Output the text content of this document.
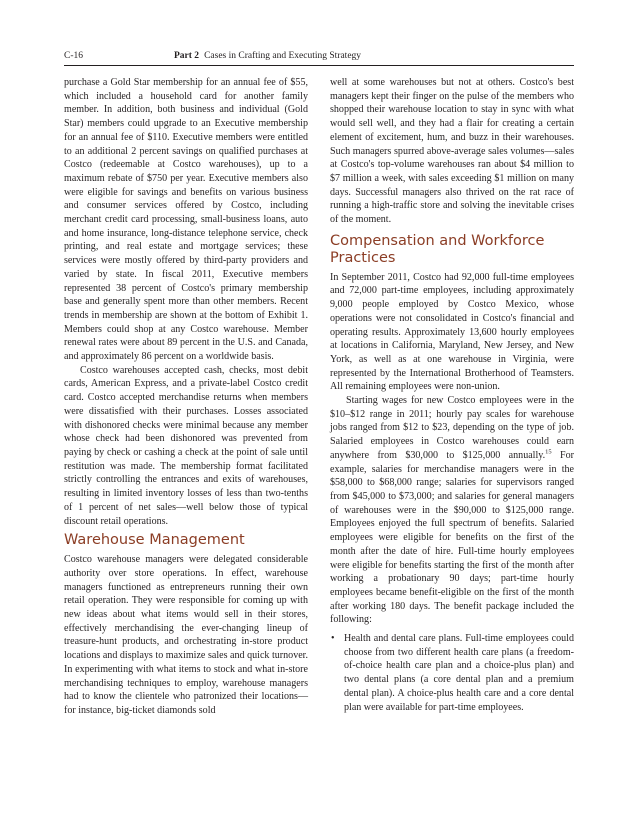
C-16	Part 2 Cases in Crafting and Executing Strategy

purchase a Gold Star membership for an annual fee of $55, which included a household card for another family member. In addition, both business and individual (Gold Star) members could upgrade to an Executive membership for an annual fee of $110. Executive members were entitled to an additional 2 percent savings on qualified purchases at Costco (redeemable at Costco warehouses), up to a maximum rebate of $750 per year. Executive members also were eligible for savings and benefits on various business and consumer services offered by Costco, including merchant credit card processing, small-business loans, auto and home insurance, long-distance telephone service, check printing, and real estate and mortgage services; these services were mostly offered by third-party providers and varied by state. In fiscal 2011, Executive members represented 38 percent of Costco's primary membership base and generally spent more than other members. Recent trends in membership are shown at the bottom of Exhibit 1. Members could shop at any Costco warehouse. Member renewal rates were about 89 percent in the U.S. and Canada, and approximately 86 percent on a worldwide basis.

Costco warehouses accepted cash, checks, most debit cards, American Express, and a private-label Costco credit card. Costco accepted merchandise returns when members were dissatisfied with their purchases. Losses associated with dishonored checks were minimal because any member whose check had been dishonored was prevented from paying by check or cashing a check at the point of sale until restitution was made. The membership format facilitated strictly controlling the entrances and exits of warehouses, resulting in limited inventory losses of less than two-tenths of 1 percent of net sales—well below those of typical discount retail operations.

Warehouse Management

Costco warehouse managers were delegated considerable authority over store operations. In effect, warehouse managers functioned as entrepreneurs running their own retail operation. They were responsible for coming up with new ideas about what items would sell in their stores, effectively merchandising the ever-changing lineup of treasure-hunt products, and orchestrating in-store product locations and displays to maximize sales and quick turnover. In experimenting with what items to stock and what in-store merchandising techniques to employ, warehouse managers had to know the clientele who patronized their locations—for instance, big-ticket diamonds sold

well at some warehouses but not at others. Costco's best managers kept their finger on the pulse of the members who shopped their warehouse location to stay in sync with what would sell well, and they had a flair for creating a certain element of excitement, hum, and buzz in their warehouses. Such managers spurred above-average sales volumes—sales at Costco's top-volume warehouses ran about $4 million to $7 million a week, with sales exceeding $1 million on many days. Successful managers also thrived on the rat race of running a high-traffic store and solving the inevitable crises of the moment.

Compensation and Workforce Practices

In September 2011, Costco had 92,000 full-time employees and 72,000 part-time employees, including approximately 9,000 people employed by Costco Mexico, whose operations were not consolidated in Costco's financial and operating results. Approximately 13,600 hourly employees at locations in California, Maryland, New Jersey, and New York, as well as at one warehouse in Virginia, were represented by the International Brotherhood of Teamsters. All remaining employees were non-union.

Starting wages for new Costco employees were in the $10–$12 range in 2011; hourly pay scales for warehouse jobs ranged from $12 to $23, depending on the type of job. Salaried employees in Costco warehouses could earn anywhere from $30,000 to $125,000 annually.$^{15}$ For example, salaries for merchandise managers were in the $58,000 to $68,000 range; salaries for supervisors ranged from $45,000 to $73,000; and salaries for general managers of warehouses were in the $90,000 to $125,000 range. Employees enjoyed the full spectrum of benefits. Salaried employees were eligible for benefits on the first of the month after the date of hire. Full-time hourly employees were eligible for benefits starting the first of the month after working a probationary 90 days; part-time hourly employees became benefit-eligible on the first of the month after working 180 days. The benefit package included the following:

• Health and dental care plans. Full-time employees could choose from two different health care plans (a freedom-of-choice health care plan and a choice-plus plan) and two dental plans (a core dental plan and a premium dental plan). A choice-plus health care and a core dental plan were available for part-time employees.
